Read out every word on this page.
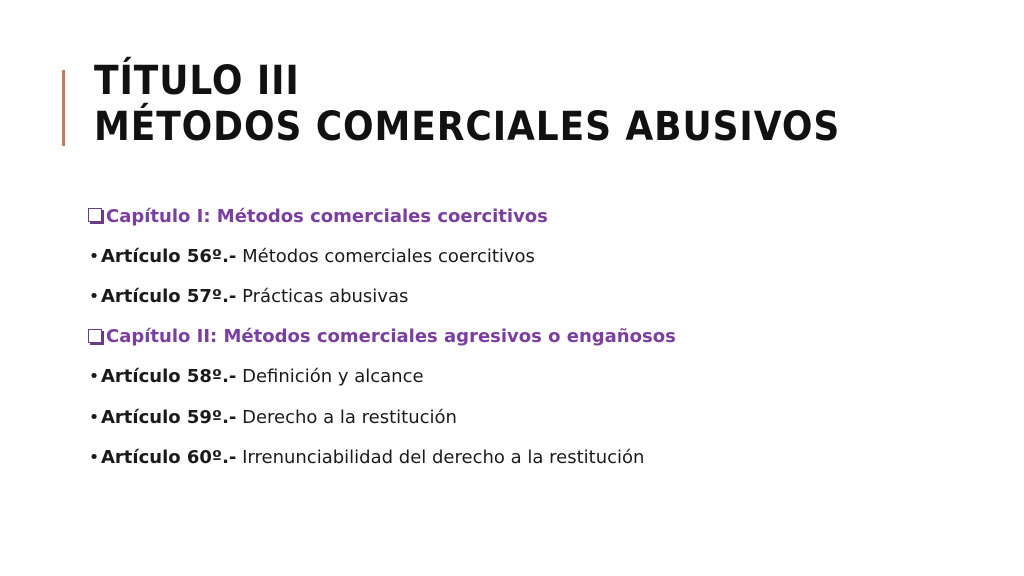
TÍTULO III
MÉTODOS COMERCIALES ABUSIVOS
Capítulo I: Métodos comerciales coercitivos
• Artículo 56º.- Métodos comerciales coercitivos
• Artículo 57º.- Prácticas abusivas
Capítulo II: Métodos comerciales agresivos o engañosos
• Artículo 58º.- Definición y alcance
• Artículo 59º.- Derecho a la restitución
• Artículo 60º.- Irrenunciabilidad del derecho a la restitución
